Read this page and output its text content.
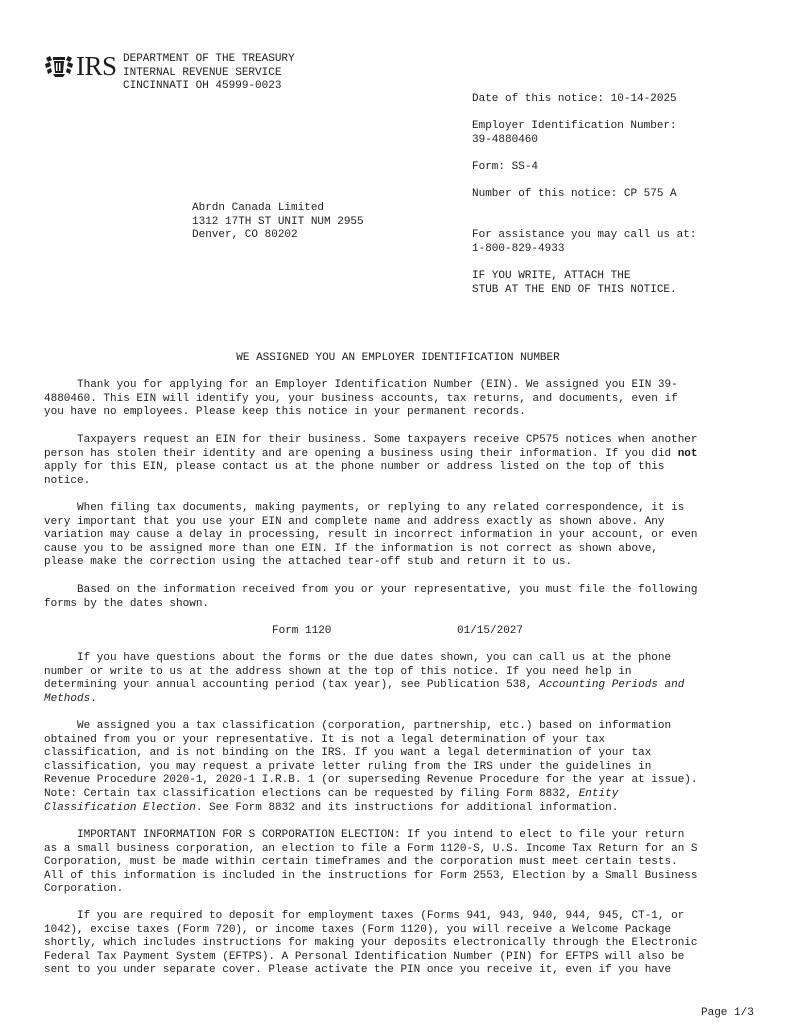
IRS DEPARTMENT OF THE TREASURY
INTERNAL REVENUE SERVICE
CINCINNATI OH 45999-0023
Date of this notice: 10-14-2025
Employer Identification Number:
39-4880460
Form: SS-4
Number of this notice: CP 575 A
Abrdn Canada Limited
1312 17TH ST UNIT NUM 2955
Denver, CO 80202	For assistance you may call us at:
1-800-829-4933
IF YOU WRITE, ATTACH THE
STUB AT THE END OF THIS NOTICE.
WE ASSIGNED YOU AN EMPLOYER IDENTIFICATION NUMBER
Thank you for applying for an Employer Identification Number (EIN). We assigned you EIN 39-
4880460. This EIN will identify you, your business accounts, tax returns, and documents, even if
you have no employees. Please keep this notice in your permanent records.
Taxpayers request an EIN for their business. Some taxpayers receive CP575 notices when another
person has stolen their identity and are opening a business using their information. If you did not
apply for this EIN, please contact us at the phone number or address listed on the top of this
notice.
When filing tax documents, making payments, or replying to any related correspondence, it is
very important that you use your EIN and complete name and address exactly as shown above. Any
variation may cause a delay in processing, result in incorrect information in your account, or even
cause you to be assigned more than one EIN. If the information is not correct as shown above,
please make the correction using the attached tear-off stub and return it to us.
Based on the information received from you or your representative, you must file the following
forms by the dates shown.
Form 1120	01/15/2027
If you have questions about the forms or the due dates shown, you can call us at the phone
number or write to us at the address shown at the top of this notice. If you need help in
determining your annual accounting period (tax year), see Publication 538, Accounting Periods and
Methods.
We assigned you a tax classification (corporation, partnership, etc.) based on information
obtained from you or your representative. It is not a legal determination of your tax
classification, and is not binding on the IRS. If you want a legal determination of your tax
classification, you may request a private letter ruling from the IRS under the guidelines in
Revenue Procedure 2020-1, 2020-1 I.R.B. 1 (or superseding Revenue Procedure for the year at issue).
Note: Certain tax classification elections can be requested by filing Form 8832, Entity
Classification Election. See Form 8832 and its instructions for additional information.
IMPORTANT INFORMATION FOR S CORPORATION ELECTION: If you intend to elect to file your return
as a small business corporation, an election to file a Form 1120-S, U.S. Income Tax Return for an S
Corporation, must be made within certain timeframes and the corporation must meet certain tests.
All of this information is included in the instructions for Form 2553, Election by a Small Business
Corporation.
If you are required to deposit for employment taxes (Forms 941, 943, 940, 944, 945, CT-1, or
1042), excise taxes (Form 720), or income taxes (Form 1120), you will receive a Welcome Package
shortly, which includes instructions for making your deposits electronically through the Electronic
Federal Tax Payment System (EFTPS). A Personal Identification Number (PIN) for EFTPS will also be
sent to you under separate cover. Please activate the PIN once you receive it, even if you have
Page 1/3
